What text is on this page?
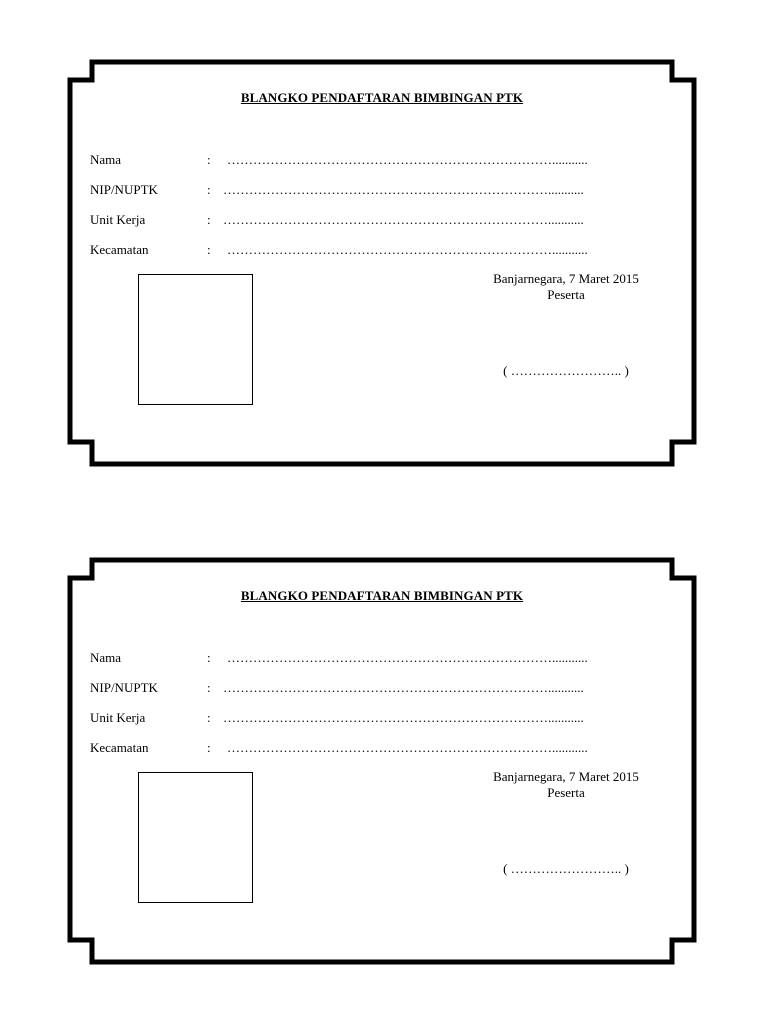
BLANGKO PENDAFTARAN BIMBINGAN PTK
Nama	: …………………………………………………………………...........
NIP/NUPTK	: …………………………………………………………………...........
Unit Kerja	: …………………………………………………………………...........
Kecamatan	: …………………………………………………………………...........
Banjarnegara, 7 Maret 2015
Peserta
( …………………….. )
BLANGKO PENDAFTARAN BIMBINGAN PTK
Nama	: …………………………………………………………………...........
NIP/NUPTK	: …………………………………………………………………...........
Unit Kerja	: …………………………………………………………………...........
Kecamatan	: …………………………………………………………………...........
Banjarnegara, 7 Maret 2015
Peserta
( …………………….. )
